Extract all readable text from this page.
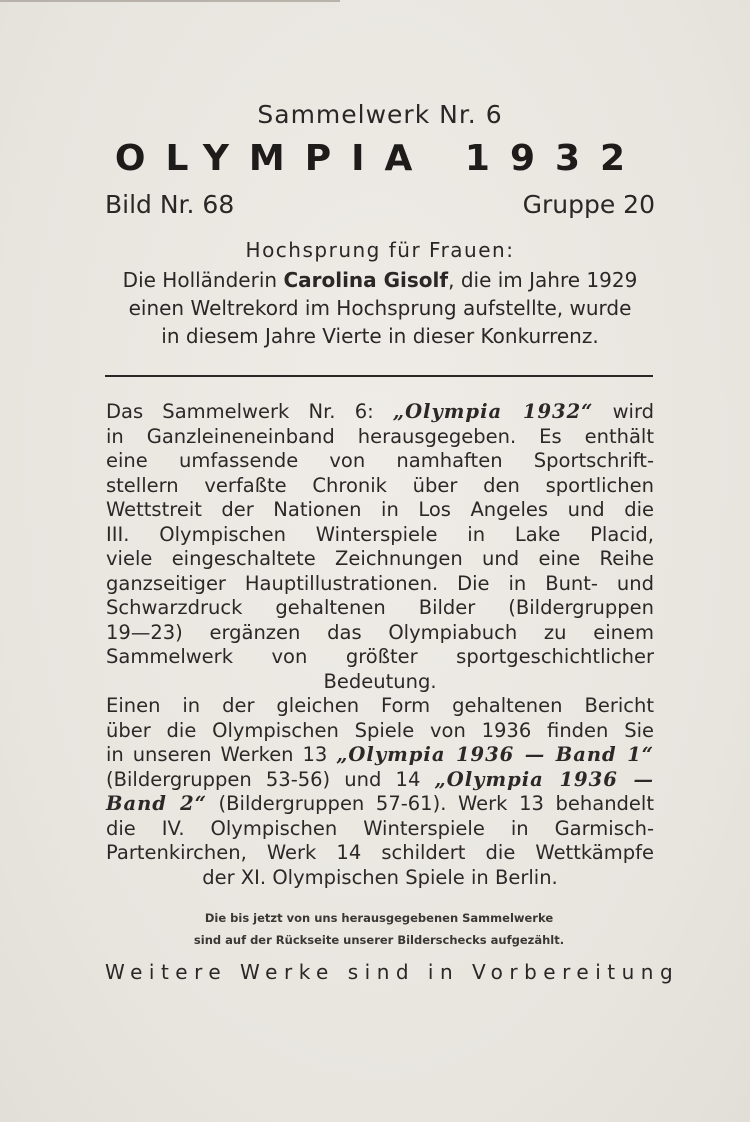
Sammelwerk Nr. 6
OLYMPIA 1932
Bild Nr. 68	Gruppe 20
Hochsprung für Frauen:
Die Holländerin Carolina Gisolf, die im Jahre 1929
einen Weltrekord im Hochsprung aufstellte, wurde
in diesem Jahre Vierte in dieser Konkurrenz.

Das Sammelwerk Nr. 6: „Olympia 1932“ wird

in Ganzleineneinband herausgegeben. Es enthält

eine umfassende von namhaften Sportschrift-

stellern verfaßte Chronik über den sportlichen

Wettstreit der Nationen in Los Angeles und die

III. Olympischen Winterspiele in Lake Placid,

viele eingeschaltete Zeichnungen und eine Reihe

ganzseitiger Hauptillustrationen. Die in Bunt- und

Schwarzdruck gehaltenen Bilder (Bildergruppen

19—23) ergänzen das Olympiabuch zu einem

Sammelwerk von größter sportgeschichtlicher

Bedeutung.

Einen in der gleichen Form gehaltenen Bericht

über die Olympischen Spiele von 1936 finden Sie

in unseren Werken 13 „Olympia 1936 — Band 1“

(Bildergruppen 53-56) und 14 „Olympia 1936 —

Band 2“ (Bildergruppen 57-61). Werk 13 behandelt

die IV. Olympischen Winterspiele in Garmisch-

Partenkirchen, Werk 14 schildert die Wettkämpfe

der XI. Olympischen Spiele in Berlin.

Die bis jetzt von uns herausgegebenen Sammelwerke
sind auf der Rückseite unserer Bilderschecks aufgezählt.
Weitere Werke sind in Vorbereitung
